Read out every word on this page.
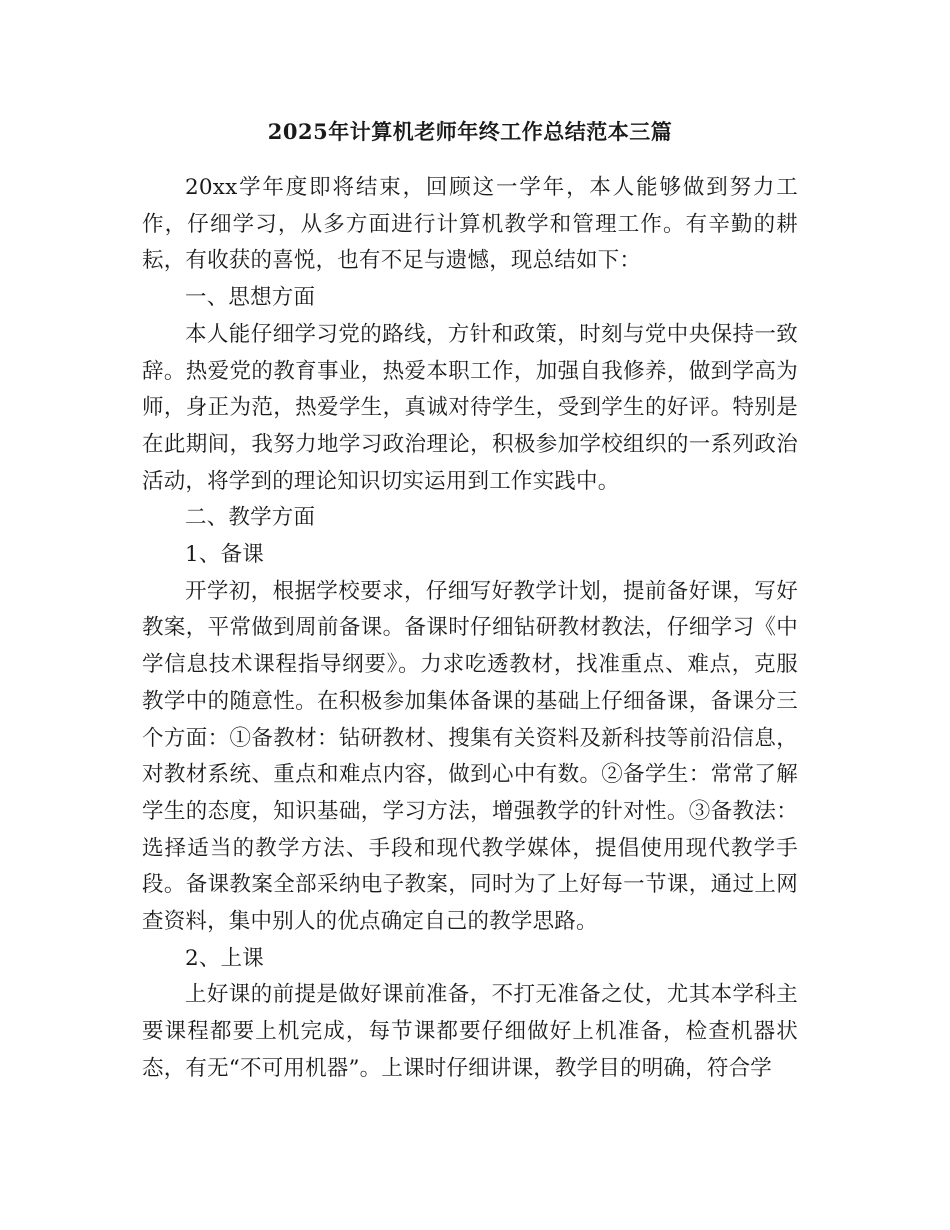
2025年计算机老师年终工作总结范本三篇

20xx学年度即将结束，回顾这一学年，本人能够做到努力工作，仔细学习，从多方面进行计算机教学和管理工作。有辛勤的耕耘，有收获的喜悦，也有不足与遗憾，现总结如下：

一、思想方面

本人能仔细学习党的路线，方针和政策，时刻与党中央保持一致辞。热爱党的教育事业，热爱本职工作，加强自我修养，做到学高为师，身正为范，热爱学生，真诚对待学生，受到学生的好评。特别是在此期间，我努力地学习政治理论，积极参加学校组织的一系列政治活动，将学到的理论知识切实运用到工作实践中。

二、教学方面

1、备课

开学初，根据学校要求，仔细写好教学计划，提前备好课，写好教案，平常做到周前备课。备课时仔细钻研教材教法，仔细学习《中学信息技术课程指导纲要》。力求吃透教材，找准重点、难点，克服教学中的随意性。在积极参加集体备课的基础上仔细备课，备课分三个方面：①备教材：钻研教材、搜集有关资料及新科技等前沿信息，对教材系统、重点和难点内容，做到心中有数。②备学生：常常了解学生的态度，知识基础，学习方法，增强教学的针对性。③备教法：选择适当的教学方法、手段和现代教学媒体，提倡使用现代教学手段。备课教案全部采纳电子教案，同时为了上好每一节课，通过上网查资料，集中别人的优点确定自己的教学思路。

2、上课

上好课的前提是做好课前准备，不打无准备之仗，尤其本学科主要课程都要上机完成，每节课都要仔细做好上机准备，检查机器状态，有无“不可用机器”。上课时仔细讲课，教学目的明确，符合学
